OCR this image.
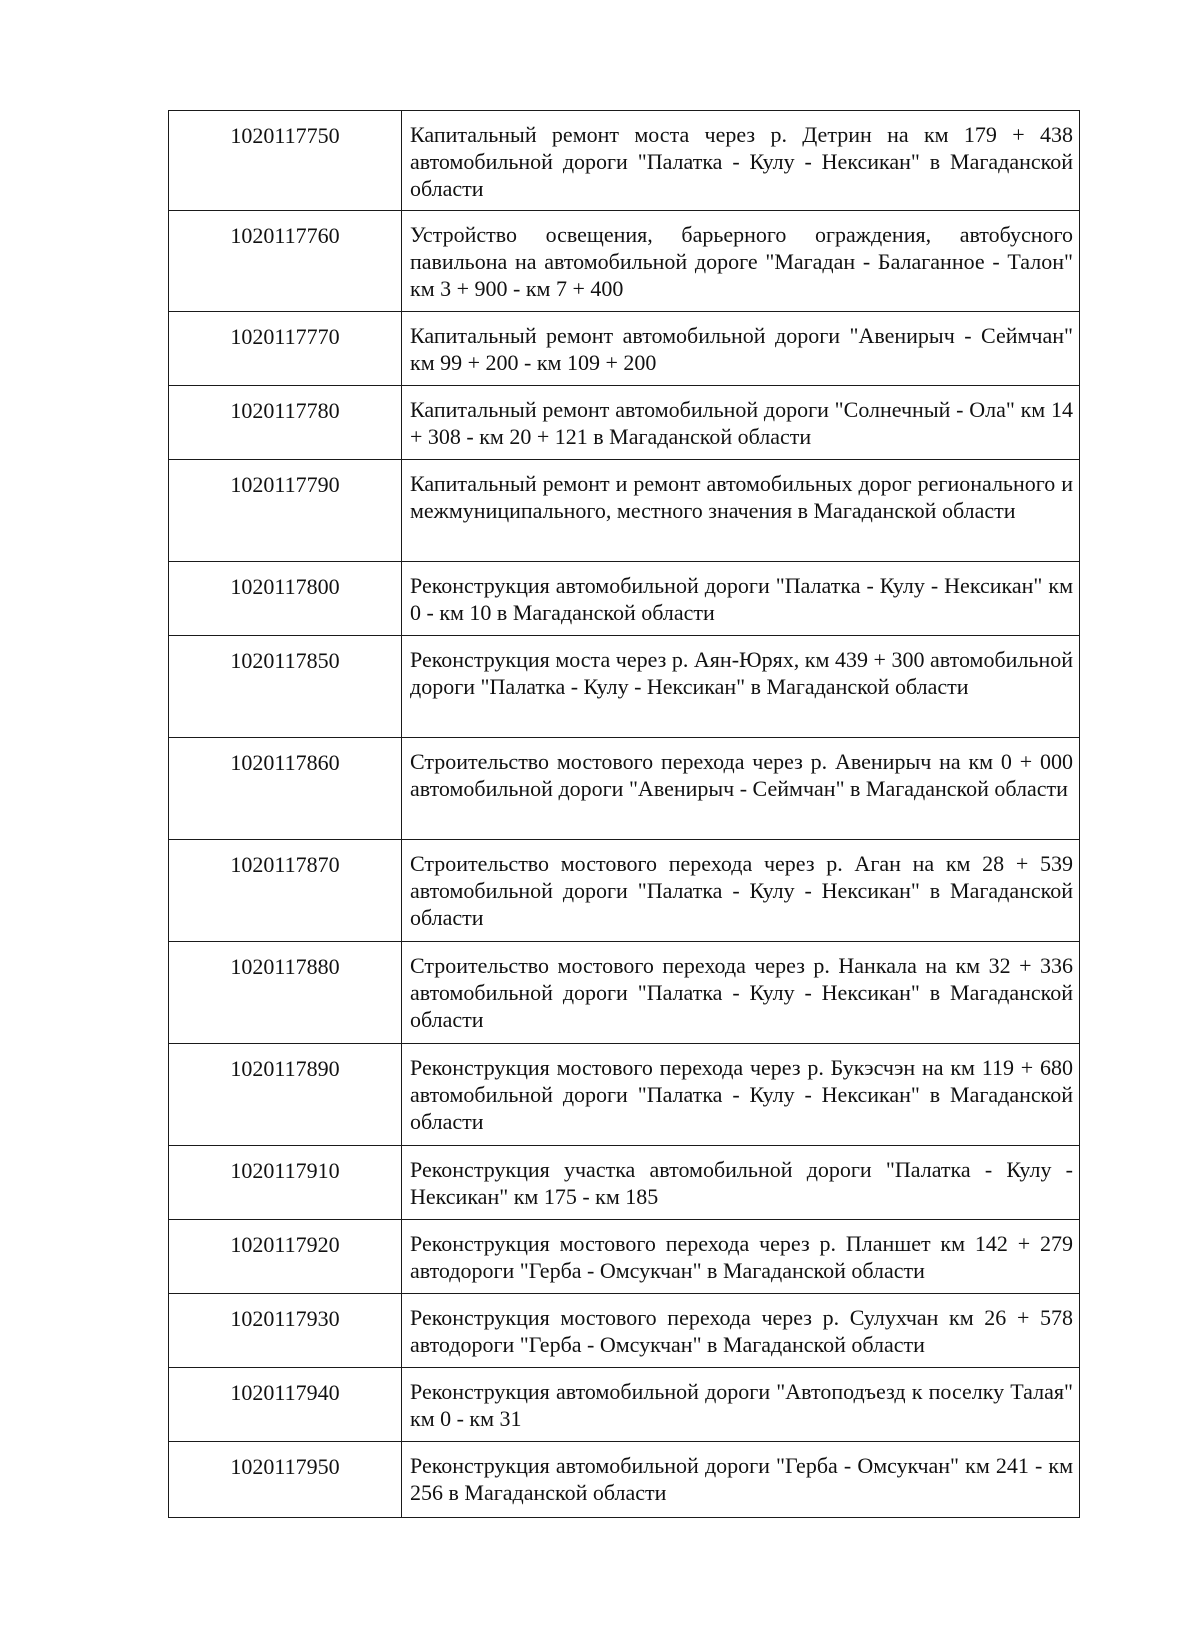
1020117750	Капитальный ремонт моста через р. Детрин на км 179 + 438 автомобильной дороги "Палатка - Кулу - Нексикан" в Магаданской области
1020117760	Устройство освещения, барьерного ограждения, автобусного павильона на автомобильной дороге "Магадан - Балаганное - Талон" км 3 + 900 - км 7 + 400
1020117770	Капитальный ремонт автомобильной дороги "Авенирыч - Сеймчан" км 99 + 200 - км 109 + 200
1020117780	Капитальный ремонт автомобильной дороги "Солнечный - Ола" км 14 + 308 - км 20 + 121 в Магаданской области
1020117790	Капитальный ремонт и ремонт автомобильных дорог регионального и межмуниципального, местного значения в Магаданской области
1020117800	Реконструкция автомобильной дороги "Палатка - Кулу - Нексикан" км 0 - км 10 в Магаданской области
1020117850	Реконструкция моста через р. Аян-Юрях, км 439 + 300 автомобильной дороги "Палатка - Кулу - Нексикан" в Магаданской области
1020117860	Строительство мостового перехода через р. Авенирыч на км 0 + 000 автомобильной дороги "Авенирыч - Сеймчан" в Магаданской области
1020117870	Строительство мостового перехода через р. Аган на км 28 + 539 автомобильной дороги "Палатка - Кулу - Нексикан" в Магаданской области
1020117880	Строительство мостового перехода через р. Нанкала на км 32 + 336 автомобильной дороги "Палатка - Кулу - Нексикан" в Магаданской области
1020117890	Реконструкция мостового перехода через р. Букэсчэн на км 119 + 680 автомобильной дороги "Палатка - Кулу - Нексикан" в Магаданской области
1020117910	Реконструкция участка автомобильной дороги "Палатка - Кулу - Нексикан" км 175 - км 185
1020117920	Реконструкция мостового перехода через р. Планшет км 142 + 279 автодороги "Герба - Омсукчан" в Магаданской области
1020117930	Реконструкция мостового перехода через р. Сулухчан км 26 + 578 автодороги "Герба - Омсукчан" в Магаданской области
1020117940	Реконструкция автомобильной дороги "Автоподъезд к поселку Талая" км 0 - км 31
1020117950	Реконструкция автомобильной дороги "Герба - Омсукчан" км 241 - км 256 в Магаданской области
